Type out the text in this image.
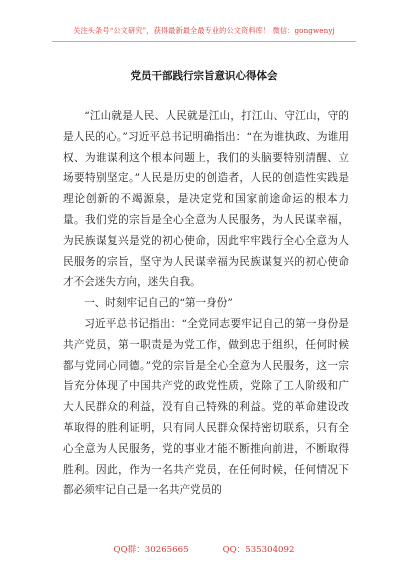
关注头条号“公文研究”，获得最新最全最专业的公文资料库！ 微信：gongwenyj
党员干部践行宗旨意识心得体会

“江山就是人民、人民就是江山，打江山、守江山，守的是人民的心。”习近平总书记明确指出：“在为谁执政、为谁用权、为谁谋利这个根本问题上，我们的头脑要特别清醒、立场要特别坚定。”人民是历史的创造者，人民的创造性实践是理论创新的不竭源泉，是决定党和国家前途命运的根本力量。我们党的宗旨是全心全意为人民服务，为人民谋幸福，为民族谋复兴是党的初心使命，因此牢牢践行全心全意为人民服务的宗旨，坚守为人民谋幸福为民族谋复兴的初心使命才不会迷失方向，迷失自我。

一、时刻牢记自己的“第一身份”

习近平总书记指出：“全党同志要牢记自己的第一身份是共产党员，第一职责是为党工作，做到忠于组织，任何时候都与党同心同德。”党的宗旨是全心全意为人民服务，这一宗旨充分体现了中国共产党的政党性质，党除了工人阶级和广大人民群众的利益，没有自己特殊的利益。党的革命建设改革取得的胜利证明，只有同人民群众保持密切联系，只有全心全意为人民服务，党的事业才能不断推向前进，不断取得胜利。因此，作为一名共产党员，在任何时候，任何情况下都必须牢记自己是一名共产党员的

QQ群：30265665	QQ：535304092
